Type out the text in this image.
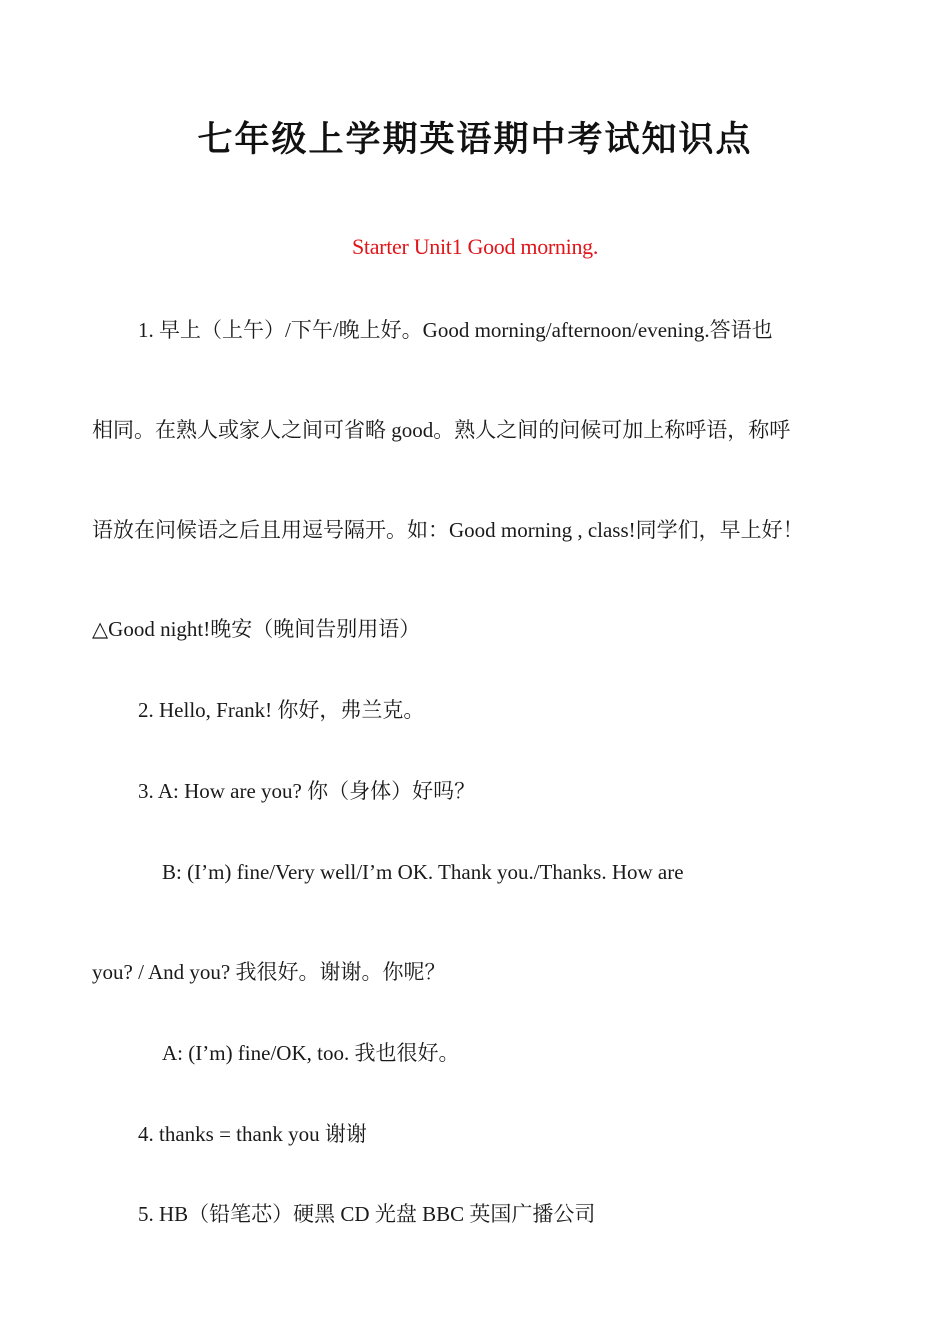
七年级上学期英语期中考试知识点
Starter Unit1 Good morning.
1. 早上（上午）/下午/晚上好。Good morning/afternoon/evening.答语也
相同。在熟人或家人之间可省略 good。熟人之间的问候可加上称呼语，称呼
语放在问候语之后且用逗号隔开。如：Good morning , class!同学们，早上好！
△Good night!晚安（晚间告别用语）
2. Hello, Frank! 你好，弗兰克。
3. A: How are you? 你（身体）好吗？
B: (I’m) fine/Very well/I’m OK. Thank you./Thanks. How are
you? / And you? 我很好。谢谢。你呢？
A: (I’m) fine/OK, too. 我也很好。
4. thanks = thank you 谢谢
5. HB（铅笔芯）硬黑 CD 光盘 BBC 英国广播公司
